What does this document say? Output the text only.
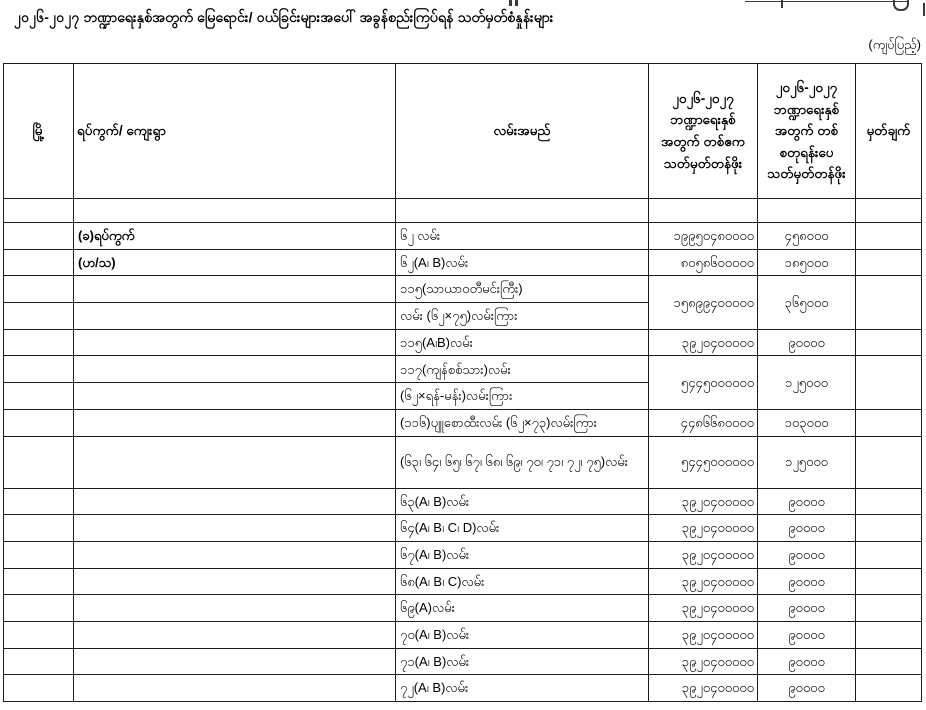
၂၀၂၆-၂၀၂၇ ဘဏ္ဍာရေးနှစ်အတွက် မြေရောင်း/ ဝယ်ခြင်းများအပေါ် အခွန်စည်းကြပ်ရန် သတ်မှတ်စံနှုန်းများ
(ကျပ်ပြည့်)
မြို့	ရပ်ကွက်/ ကျေးရွာ	လမ်းအမည်	၂၀၂၆-၂၀၂၇ ဘဏ္ဍာရေးနှစ် အတွက် တစ်ဧက သတ်မှတ်တန်ဖိုး	၂၀၂၆-၂၀၂၇ ဘဏ္ဍာရေးနှစ် အတွက် တစ်စတုရန်းပေ သတ်မှတ်တန်ဖိုး	မှတ်ချက်

	(ခ)ရပ်ကွက်	၆၂ လမ်း	၁၉၉၅၀၄၈၀၀၀၀	၄၅၈၀၀၀	
	(ဟ/သ)	၆၂(A၊ B)လမ်း	၈၀၅၈၆၀၀၀၀၀	၁၈၅၀၀၀	
		၁၁၅(သာယာဝတီမင်းကြီး)	၁၅၈၉၉၄၀၀၀၀၀	၃၆၅၀၀၀	
		လမ်း (၆၂×၇၅)လမ်းကြား			
		၁၁၅(A၊B)လမ်း	၃၉၂၀၄၀၀၀၀၀	၉၀၀၀၀	
		၁၁၇(ကျန်စစ်သား)လမ်း	၅၄၄၅၀၀၀၀၀၀	၁၂၅၀၀၀	
		(၆၂×ရန်-မန်း)လမ်းကြား			
		(၁၁၆)ပျူစောထီးလမ်း (၆၂×၇၃)လမ်းကြား	၄၄၈၆၆၈၀၀၀၀	၁၀၃၀၀၀	
		(၆၃၊ ၆၄၊ ၆၅၊ ၆၇၊ ၆၈၊ ၆၉၊ ၇၀၊ ၇၁၊ ၇၂၊ ၇၅)လမ်း	၅၄၄၅၀၀၀၀၀၀	၁၂၅၀၀၀	
		၆၃(A၊ B)လမ်း	၃၉၂၀၄၀၀၀၀၀	၉၀၀၀၀	
		၆၄(A၊ B၊ C၊ D)လမ်း	၃၉၂၀၄၀၀၀၀၀	၉၀၀၀၀	
		၆၇(A၊ B)လမ်း	၃၉၂၀၄၀၀၀၀၀	၉၀၀၀၀	
		၆၈(A၊ B၊ C)လမ်း	၃၉၂၀၄၀၀၀၀၀	၉၀၀၀၀	
		၆၉(A)လမ်း	၃၉၂၀၄၀၀၀၀၀	၉၀၀၀၀	
		၇၀(A၊ B)လမ်း	၃၉၂၀၄၀၀၀၀၀	၉၀၀၀၀	
		၇၁(A၊ B)လမ်း	၃၉၂၀၄၀၀၀၀၀	၉၀၀၀၀	
		၇၂(A၊ B)လမ်း	၃၉၂၀၄၀၀၀၀၀	၉၀၀၀၀	
